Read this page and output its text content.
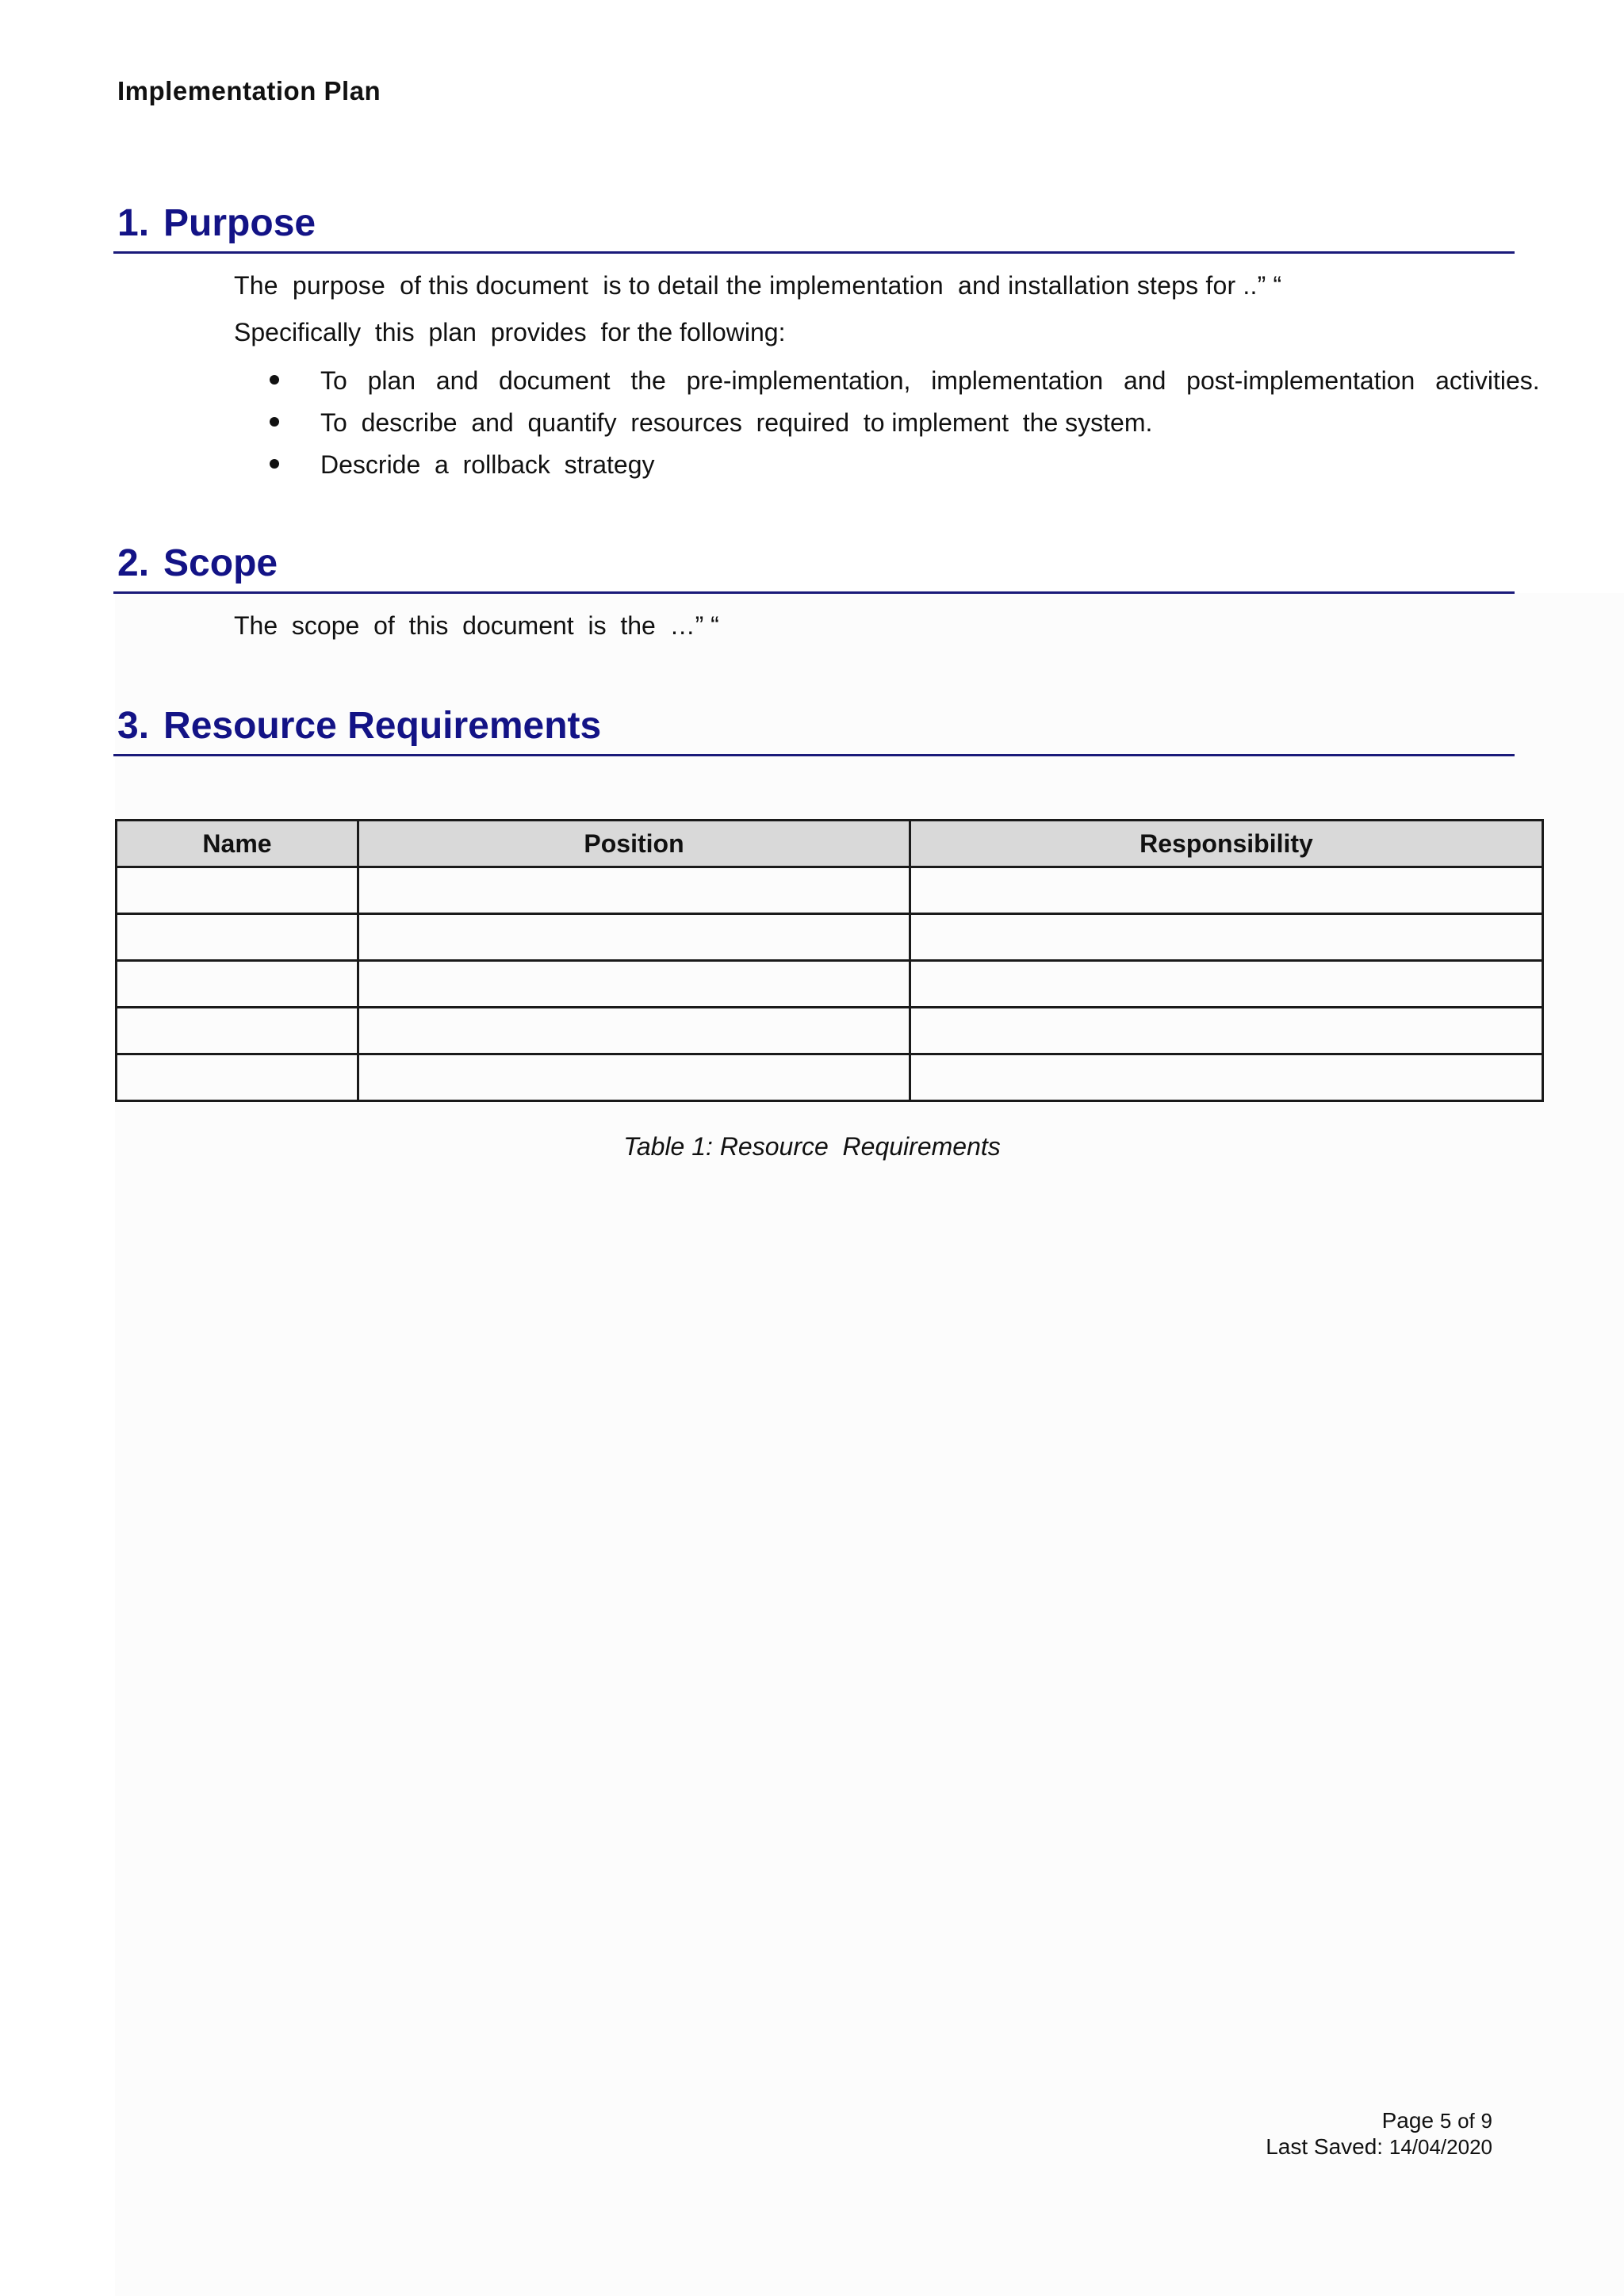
Implementation Plan
1. Purpose
The  purpose  of this document  is to detail the implementation  and installation steps for ..” “
Specifically  this  plan  provides  for the following:
To  plan  and  document  the  pre-implementation,  implementation  and  post-implementation  activities.
To  describe  and  quantify  resources  required  to implement  the system.
Descride  a  rollback  strategy
2. Scope
The  scope  of  this  document  is  the  …” “
3. Resource Requirements
Name	Position	Responsibility

Table 1: Resource  Requirements
Page 5 of 9
Last Saved: 14/04/2020
